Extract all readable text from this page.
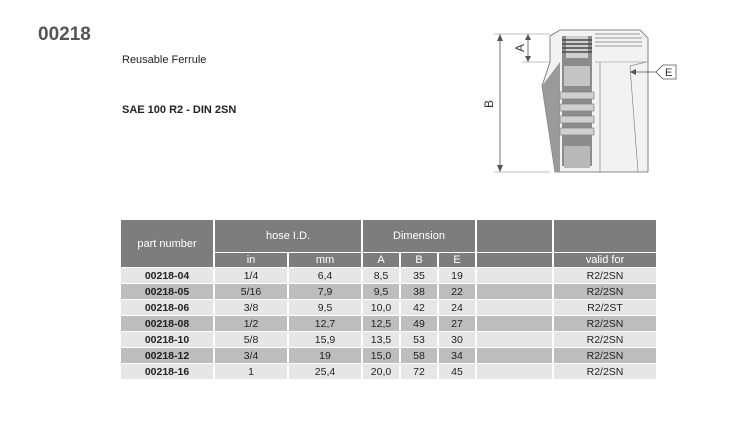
00218
Reusable Ferrule
SAE 100 R2 - DIN 2SN
B
A
E
part number	hose I.D.		Dimension				
	in	mm	A	B	E		valid for
00218-04	1/4	6,4	8,5	35	19		R2/2SN
00218-05	5/16	7,9	9,5	38	22		R2/2SN
00218-06	3/8	9,5	10,0	42	24		R2/2ST
00218-08	1/2	12,7	12,5	49	27		R2/2SN
00218-10	5/8	15,9	13,5	53	30		R2/2SN
00218-12	3/4	19	15,0	58	34		R2/2SN
00218-16	1	25,4	20,0	72	45		R2/2SN
